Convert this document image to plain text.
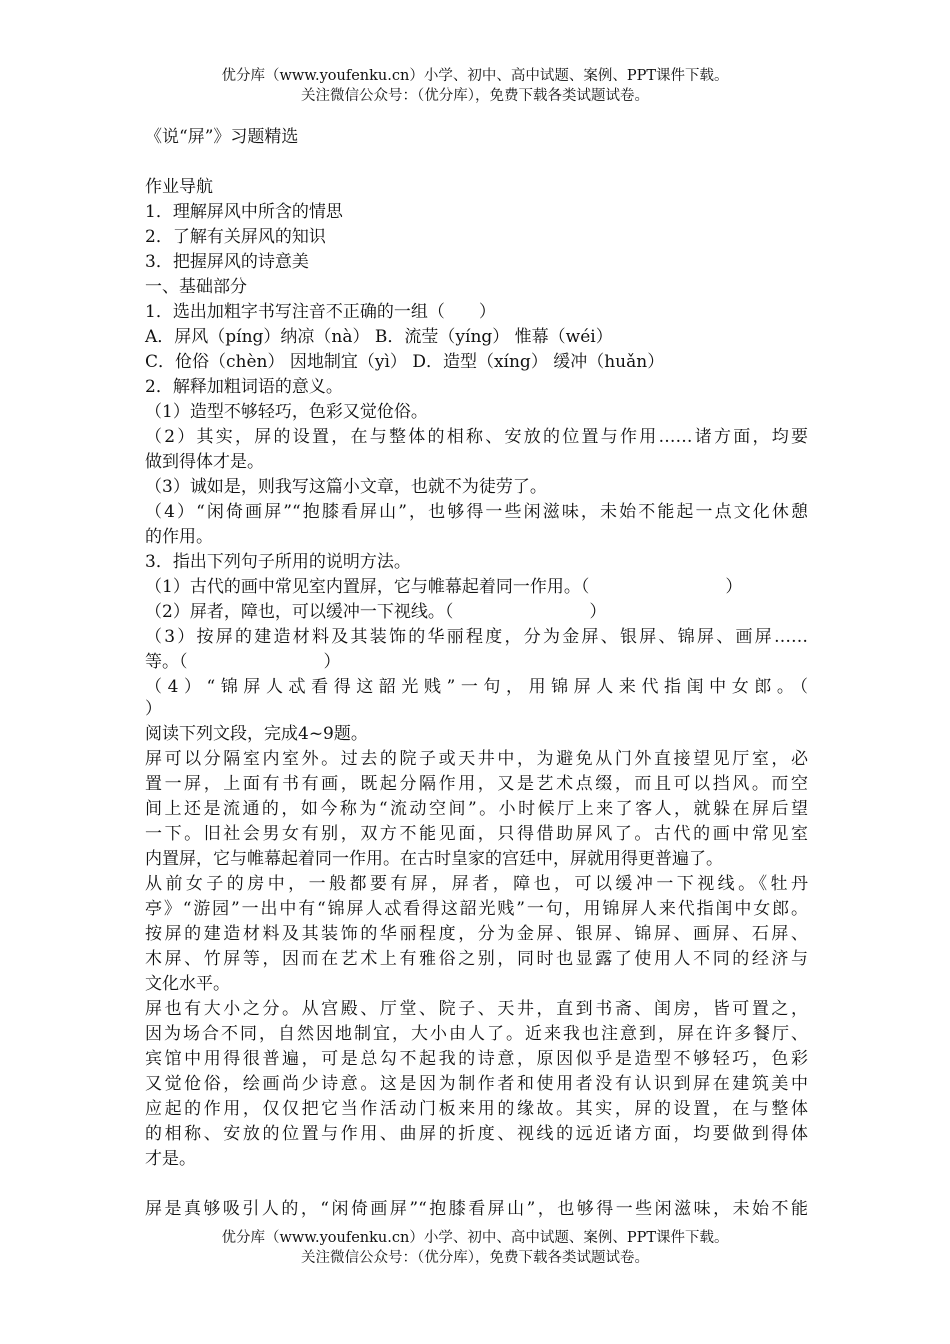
优分库（www.youfenku.cn）小学、初中、高中试题、案例、PPT课件下载。
关注微信公众号：（优分库），免费下载各类试题试卷。
《说“屏”》习题精选
作业导航
1．理解屏风中所含的情思
2．了解有关屏风的知识
3．把握屏风的诗意美
一、基础部分
1．选出加粗字书写注音不正确的一组（　　）
A．屏风（píng）纳凉（nà） B．流莹（yíng） 惟幕（wéi）
C．伧俗（chèn） 因地制宜（yì） D．造型（xíng） 缓冲（huǎn）
2．解释加粗词语的意义。
（1）造型不够轻巧，色彩又觉伧俗。
（2）其实，屏的设置，在与整体的相称、安放的位置与作用……诸方面，均要
做到得体才是。
（3）诚如是，则我写这篇小文章，也就不为徒劳了。
（4）“闲倚画屏”“抱膝看屏山”，也够得一些闲滋味，未始不能起一点文化休憩
的作用。
3．指出下列句子所用的说明方法。
（1）古代的画中常见室内置屏，它与帷幕起着同一作用。（　　　　　　　　）
（2）屏者，障也，可以缓冲一下视线。（　　　　　　　　）
（3）按屏的建造材料及其装饰的华丽程度，分为金屏、银屏、锦屏、画屏……
等。（　　　　　　　　）
（4）“锦屏人忒看得这韶光贱”一句，用锦屏人来代指闺中女郎。（
）
阅读下列文段，完成4~9题。
屏可以分隔室内室外。过去的院子或天井中，为避免从门外直接望见厅室，必
置一屏，上面有书有画，既起分隔作用，又是艺术点缀，而且可以挡风。而空
间上还是流通的，如今称为“流动空间”。小时候厅上来了客人，就躲在屏后望
一下。旧社会男女有别，双方不能见面，只得借助屏风了。古代的画中常见室
内置屏，它与帷幕起着同一作用。在古时皇家的宫廷中，屏就用得更普遍了。
从前女子的房中，一般都要有屏，屏者，障也，可以缓冲一下视线。《牡丹
亭》“游园”一出中有“锦屏人忒看得这韶光贱”一句，用锦屏人来代指闺中女郎。
按屏的建造材料及其装饰的华丽程度，分为金屏、银屏、锦屏、画屏、石屏、
木屏、竹屏等，因而在艺术上有雅俗之别，同时也显露了使用人不同的经济与
文化水平。
屏也有大小之分。从宫殿、厅堂、院子、天井，直到书斋、闺房，皆可置之，
因为场合不同，自然因地制宜，大小由人了。近来我也注意到，屏在许多餐厅、
宾馆中用得很普遍，可是总勾不起我的诗意，原因似乎是造型不够轻巧，色彩
又觉伧俗，绘画尚少诗意。这是因为制作者和使用者没有认识到屏在建筑美中
应起的作用，仅仅把它当作活动门板来用的缘故。其实，屏的设置，在与整体
的相称、安放的位置与作用、曲屏的折度、视线的远近诸方面，均要做到得体
才是。
屏是真够吸引人的，“闲倚画屏”“抱膝看屏山”，也够得一些闲滋味，未始不能
优分库（www.youfenku.cn）小学、初中、高中试题、案例、PPT课件下载。
关注微信公众号：（优分库），免费下载各类试题试卷。
